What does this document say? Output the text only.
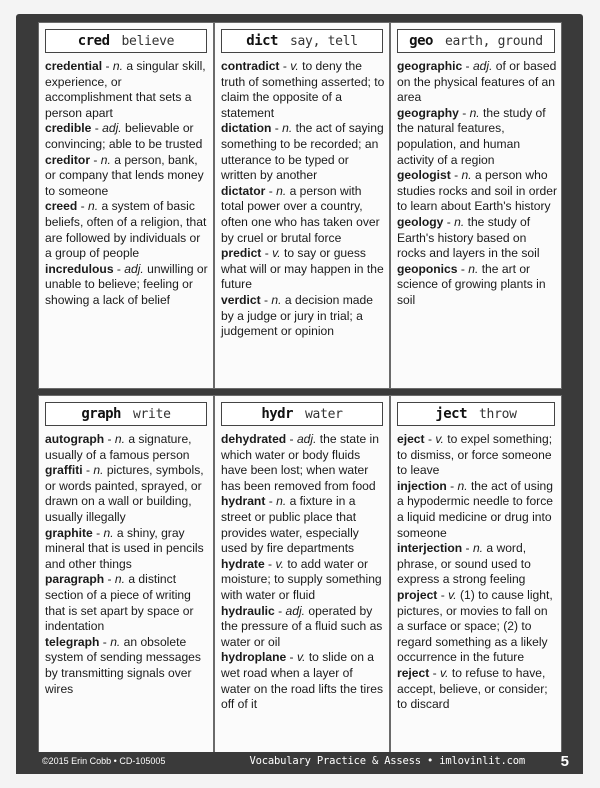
cred believe
credential - n. a singular skill, experience, or accomplishment that sets a person apart
credible - adj. believable or convincing; able to be trusted
creditor - n. a person, bank, or company that lends money to someone
creed - n. a system of basic beliefs, often of a religion, that are followed by individuals or a group of people
incredulous - adj. unwilling or unable to believe; feeling or showing a lack of belief
dict say, tell
contradict - v. to deny the truth of something asserted; to claim the opposite of a statement
dictation - n. the act of saying something to be recorded; an utterance to be typed or written by another
dictator - n. a person with total power over a country, often one who has taken over by cruel or brutal force
predict - v. to say or guess what will or may happen in the future
verdict - n. a decision made by a judge or jury in trial; a judgement or opinion
geo earth, ground
geographic - adj. of or based on the physical features of an area
geography - n. the study of the natural features, population, and human activity of a region
geologist - n. a person who studies rocks and soil in order to learn about Earth's history
geology - n. the study of Earth's history based on rocks and layers in the soil
geoponics - n. the art or science of growing plants in soil
graph write
autograph - n. a signature, usually of a famous person
graffiti - n. pictures, symbols, or words painted, sprayed, or drawn on a wall or building, usually illegally
graphite - n. a shiny, gray mineral that is used in pencils and other things
paragraph - n. a distinct section of a piece of writing that is set apart by space or indentation
telegraph - n. an obsolete system of sending messages by transmitting signals over wires
hydr water
dehydrated - adj. the state in which water or body fluids have been lost; when water has been removed from food
hydrant - n. a fixture in a street or public place that provides water, especially used by fire departments
hydrate - v. to add water or moisture; to supply something with water or fluid
hydraulic - adj. operated by the pressure of a fluid such as water or oil
hydroplane - v. to slide on a wet road when a layer of water on the road lifts the tires off of it
ject throw
eject - v. to expel something; to dismiss, or force someone to leave
injection - n. the act of using a hypodermic needle to force a liquid medicine or drug into someone
interjection - n. a word, phrase, or sound used to express a strong feeling
project - v. (1) to cause light, pictures, or movies to fall on a surface or space; (2) to regard something as a likely occurrence in the future
reject - v. to refuse to have, accept, believe, or consider; to discard
©2015 Erin Cobb • CD-105005	Vocabulary Practice & Assess • imlovinlit.com 5
